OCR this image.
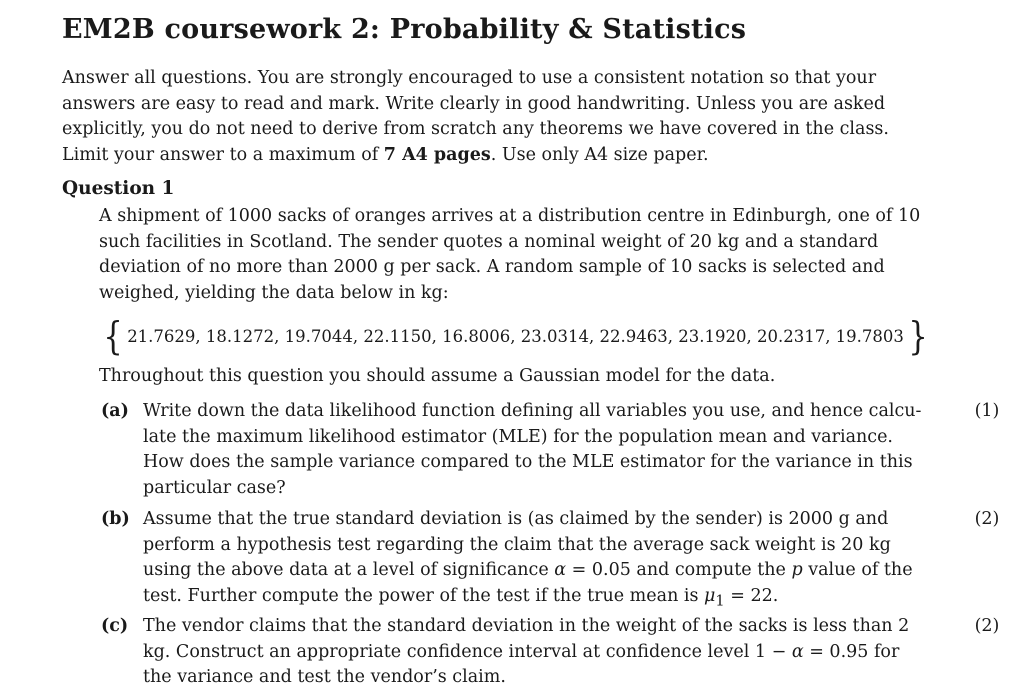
EM2B coursework 2: Probability & Statistics

Answer all questions. You are strongly encouraged to use a consistent notation so that your answers are easy to read and mark. Write clearly in good handwriting. Unless you are asked explicitly, you do not need to derive from scratch any theorems we have covered in the class. Limit your answer to a maximum of 7 A4 pages. Use only A4 size paper.

Question 1

A shipment of 1000 sacks of oranges arrives at a distribution centre in Edinburgh, one of 10 such facilities in Scotland. The sender quotes a nominal weight of 20 kg and a standard deviation of no more than 2000 g per sack. A random sample of 10 sacks is selected and weighed, yielding the data below in kg:

{ 21.7629, 18.1272, 19.7044, 22.1150, 16.8006, 23.0314, 22.9463, 23.1920, 20.2317, 19.7803 }
Throughout this question you should assume a Gaussian model for the data.
(a) Write down the data likelihood function defining all variables you use, and hence calcu- late the maximum likelihood estimator (MLE) for the population mean and variance. How does the sample variance compared to the MLE estimator for the variance in this particular case?
(1)
(b) Assume that the true standard deviation is (as claimed by the sender) is 2000 g and perform a hypothesis test regarding the claim that the average sack weight is 20 kg using the above data at a level of significance α = 0.05 and compute the p value of the test. Further compute the power of the test if the true mean is $\mu_1 = 22$.
(2)
(c) The vendor claims that the standard deviation in the weight of the sacks is less than 2 kg. Construct an appropriate confidence interval at confidence level 1 − α = 0.95 for the variance and test the vendor’s claim.
(2)
